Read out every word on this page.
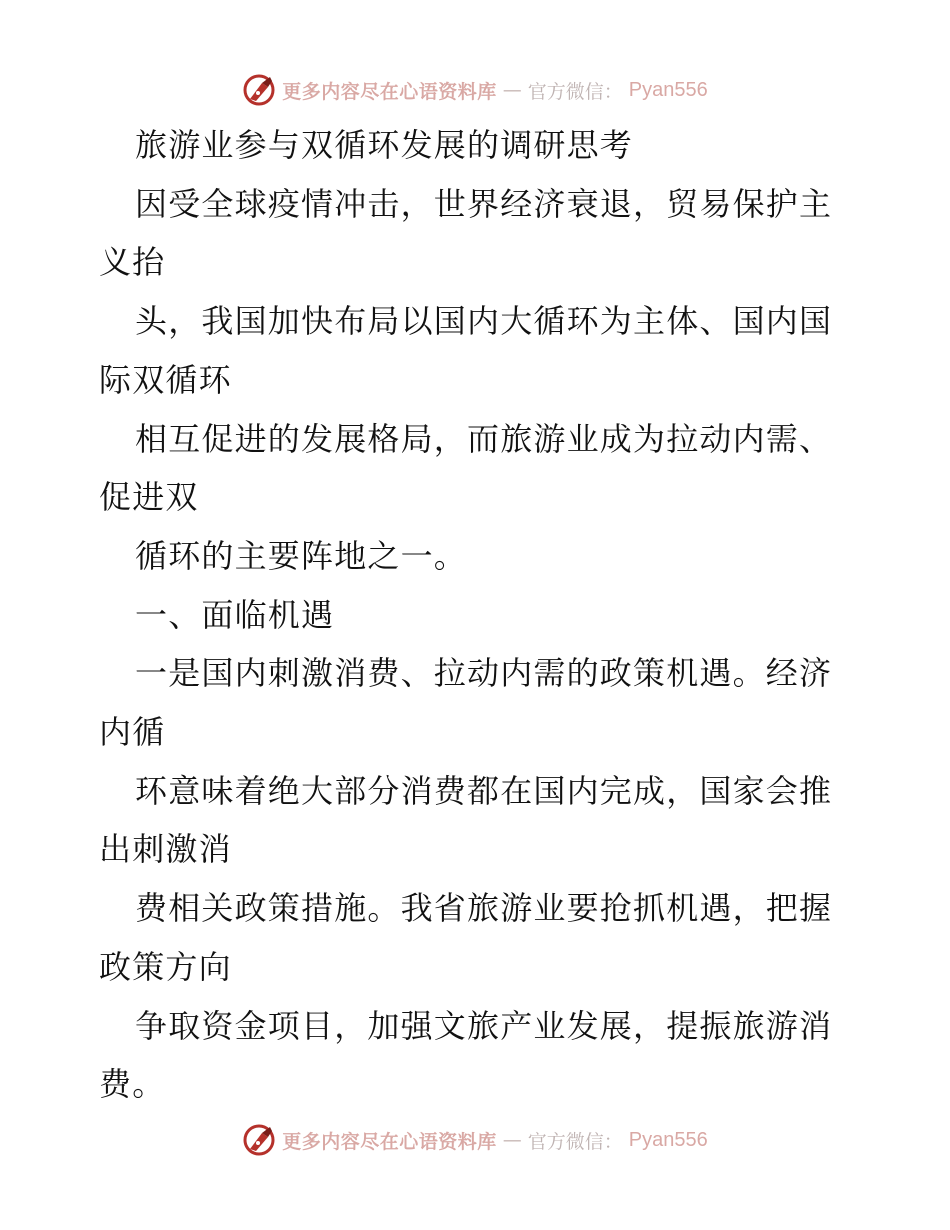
更多内容尽在心语资料库 — 官方微信： Pyan556

旅游业参与双循环发展的调研思考

因受全球疫情冲击，世界经济衰退，贸易保护主义抬

头，我国加快布局以国内大循环为主体、国内国际双循环

相互促进的发展格局，而旅游业成为拉动内需、促进双

循环的主要阵地之一。

一、面临机遇

一是国内刺激消费、拉动内需的政策机遇。经济内循

环意味着绝大部分消费都在国内完成，国家会推出刺激消

费相关政策措施。我省旅游业要抢抓机遇，把握政策方向

争取资金项目，加强文旅产业发展，提振旅游消费。

更多内容尽在心语资料库 — 官方微信： Pyan556
